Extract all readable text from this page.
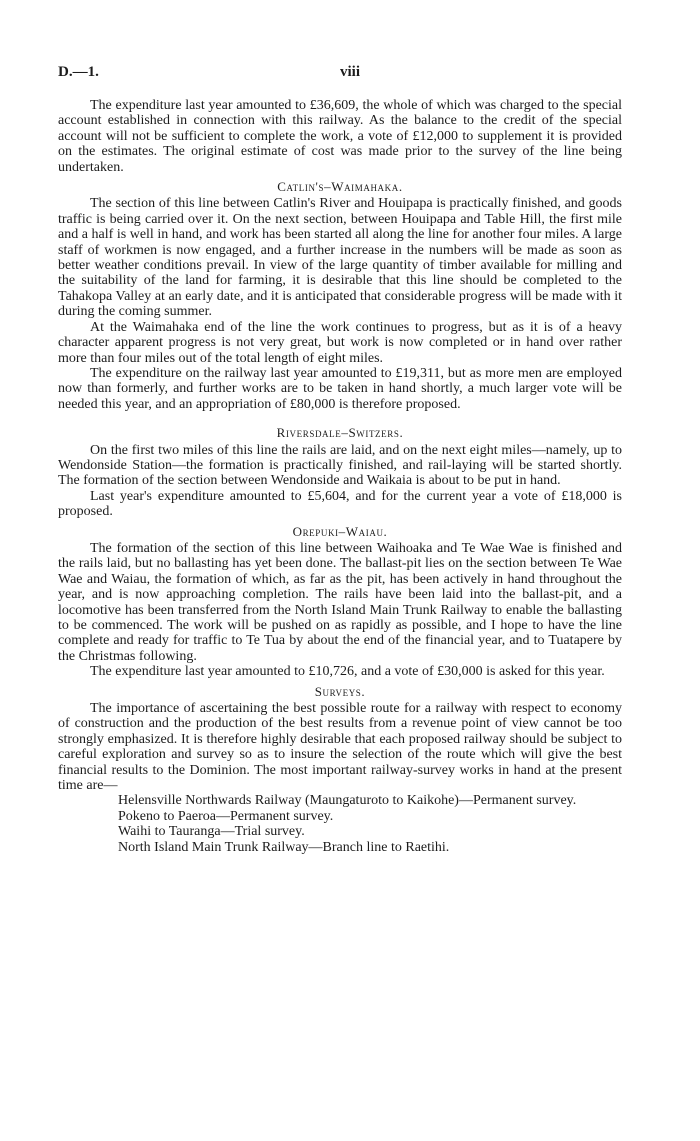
D.—1.	viii

The expenditure last year amounted to £36,609, the whole of which was charged to the special account established in connection with this railway. As the balance to the credit of the special account will not be sufficient to complete the work, a vote of £12,000 to supplement it is provided on the estimates. The original estimate of cost was made prior to the survey of the line being undertaken.

Catlin's–Waimahaka.

The section of this line between Catlin's River and Houipapa is practically finished, and goods traffic is being carried over it. On the next section, between Houipapa and Table Hill, the first mile and a half is well in hand, and work has been started all along the line for another four miles. A large staff of workmen is now engaged, and a further increase in the numbers will be made as soon as better weather conditions prevail. In view of the large quantity of timber available for milling and the suitability of the land for farming, it is desirable that this line should be completed to the Tahakopa Valley at an early date, and it is anticipated that considerable progress will be made with it during the coming summer.

At the Waimahaka end of the line the work continues to progress, but as it is of a heavy character apparent progress is not very great, but work is now completed or in hand over rather more than four miles out of the total length of eight miles.

The expenditure on the railway last year amounted to £19,311, but as more men are employed now than formerly, and further works are to be taken in hand shortly, a much larger vote will be needed this year, and an appropriation of £80,000 is therefore proposed.

Riversdale–Switzers.

On the first two miles of this line the rails are laid, and on the next eight miles—namely, up to Wendonside Station—the formation is practically finished, and rail-laying will be started shortly. The formation of the section between Wendonside and Waikaia is about to be put in hand.

Last year's expenditure amounted to £5,604, and for the current year a vote of £18,000 is proposed.

Orepuki–Waiau.

The formation of the section of this line between Waihoaka and Te Wae Wae is finished and the rails laid, but no ballasting has yet been done. The ballast-pit lies on the section between Te Wae Wae and Waiau, the formation of which, as far as the pit, has been actively in hand throughout the year, and is now approaching completion. The rails have been laid into the ballast-pit, and a locomotive has been transferred from the North Island Main Trunk Railway to enable the ballasting to be commenced. The work will be pushed on as rapidly as possible, and I hope to have the line complete and ready for traffic to Te Tua by about the end of the financial year, and to Tuatapere by the Christmas following.

The expenditure last year amounted to £10,726, and a vote of £30,000 is asked for this year.

Surveys.

The importance of ascertaining the best possible route for a railway with respect to economy of construction and the production of the best results from a revenue point of view cannot be too strongly emphasized. It is therefore highly desirable that each proposed railway should be subject to careful exploration and survey so as to insure the selection of the route which will give the best financial results to the Dominion. The most important railway-survey works in hand at the present time are—

Helensville Northwards Railway (Maungaturoto to Kaikohe)—Permanent survey.
Pokeno to Paeroa—Permanent survey.
Waihi to Tauranga—Trial survey.
North Island Main Trunk Railway—Branch line to Raetihi.
